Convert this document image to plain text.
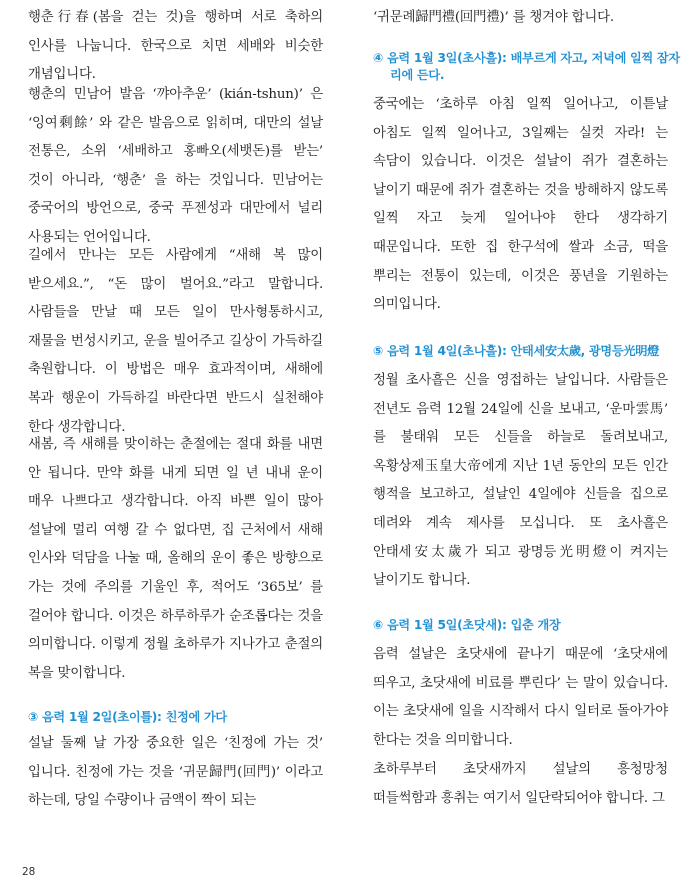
행춘行春(봄을 걷는 것)을 행하며 서로 축하의 인사를 나눕니다. 한국으로 치면 세배와 비슷한 개념입니다.

행춘의 민남어 발음 ‘꺄아추운’ (kián-tshun)’ 은 ‘잉여剩餘’ 와 같은 발음으로 읽히며, 대만의 설날 전통은, 소위 ‘세배하고 홍빠오(세뱃돈)를 받는’ 것이 아니라, ‘행춘’ 을 하는 것입니다. 민남어는 중국어의 방언으로, 중국 푸젠성과 대만에서 널리 사용되는 언어입니다.

길에서 만나는 모든 사람에게 “새해 복 많이 받으세요.”, “돈 많이 벌어요.”라고 말합니다. 사람들을 만날 때 모든 일이 만사형통하시고, 재물을 번성시키고, 운을 빌어주고 길상이 가득하길 축원합니다. 이 방법은 매우 효과적이며, 새해에 복과 행운이 가득하길 바란다면 반드시 실천해야 한다 생각합니다.

새봄, 즉 새해를 맞이하는 춘절에는 절대 화를 내면 안 됩니다. 만약 화를 내게 되면 일 년 내내 운이 매우 나쁘다고 생각합니다. 아직 바쁜 일이 많아 설날에 멀리 여행 갈 수 없다면, 집 근처에서 새해 인사와 덕담을 나눌 때, 올해의 운이 좋은 방향으로 가는 것에 주의를 기울인 후, 적어도 ‘365보’ 를 걸어야 합니다. 이것은 하루하루가 순조롭다는 것을 의미합니다. 이렇게 정월 초하루가 지나가고 춘절의 복을 맞이합니다.

③ 음력 1월 2일(초이틀): 친정에 가다

설날 둘째 날 가장 중요한 일은 ‘친정에 가는 것’ 입니다. 친정에 가는 것을 ‘귀문歸門(回門)’ 이라고 하는데, 당일 수량이나 금액이 짝이 되는

‘귀문례歸門禮(回門禮)’ 를 챙겨야 합니다.

④ 음력 1월 3일(초사흘): 배부르게 자고, 저녁에 일찍 잠자리에 든다.

중국에는 ‘초하루 아침 일찍 일어나고, 이튿날 아침도 일찍 일어나고, 3일째는 실컷 자라! 는 속담이 있습니다. 이것은 설날이 쥐가 결혼하는 날이기 때문에 쥐가 결혼하는 것을 방해하지 않도록 일찍 자고 늦게 일어나야 한다 생각하기 때문입니다. 또한 집 한구석에 쌀과 소금, 떡을 뿌리는 전통이 있는데, 이것은 풍년을 기원하는 의미입니다.

⑤ 음력 1월 4일(초나흘): 안태세安太歲, 광명등光明燈

정월 초사흘은 신을 영접하는 날입니다. 사람들은 전년도 음력 12월 24일에 신을 보내고, ‘운마雲馬’ 를 불태워 모든 신들을 하늘로 돌려보내고, 옥황상제玉皇大帝에게 지난 1년 동안의 모든 인간 행적을 보고하고, 설날인 4일에야 신들을 집으로 데려와 계속 제사를 모십니다. 또 초사흘은 안태세安太歲가 되고 광명등光明燈이 켜지는 날이기도 합니다.

⑥ 음력 1월 5일(초닷새): 입춘 개장

음력 설날은 초닷새에 끝나기 때문에 ‘초닷새에 띄우고, 초닷새에 비료를 뿌린다’ 는 말이 있습니다. 이는 초닷새에 일을 시작해서 다시 일터로 돌아가야 한다는 것을 의미합니다.

초하루부터 초닷새까지 설날의 흥청망청 떠들썩함과 흥취는 여기서 일단락되어야 합니다. 그

28
